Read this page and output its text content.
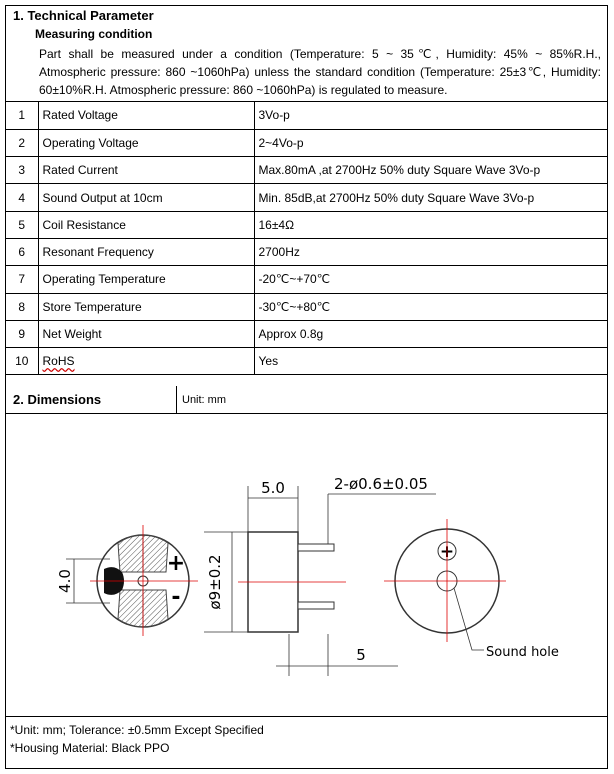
1. Technical Parameter
Measuring condition
Part shall be measured under a condition (Temperature: 5 ~ 35℃, Humidity: 45% ~ 85%R.H., Atmospheric pressure: 860 ~1060hPa) unless the standard condition (Temperature: 25±3℃, Humidity: 60±10%R.H. Atmospheric pressure: 860 ~1060hPa) is regulated to measure.
1	Rated Voltage	3Vo-p
2	Operating Voltage	2~4Vo-p
3	Rated Current	Max.80mA ,at 2700Hz 50% duty Square Wave 3Vo-p
4	Sound Output at 10cm	Min. 85dB,at 2700Hz 50% duty Square Wave 3Vo-p
5	Coil Resistance	16±4Ω
6	Resonant Frequency	2700Hz
7	Operating Temperature	-20℃~+70℃
8	Store Temperature	-30℃~+80℃
9	Net Weight	Approx 0.8g
10	RoHS	Yes
2. Dimensions	Unit: mm
+
-
4.0
5.0
ø9±0.2
2-ø0.6±0.05
5
+
Sound hole
*Unit: mm; Tolerance: ±0.5mm Except Specified
*Housing Material: Black PPO
